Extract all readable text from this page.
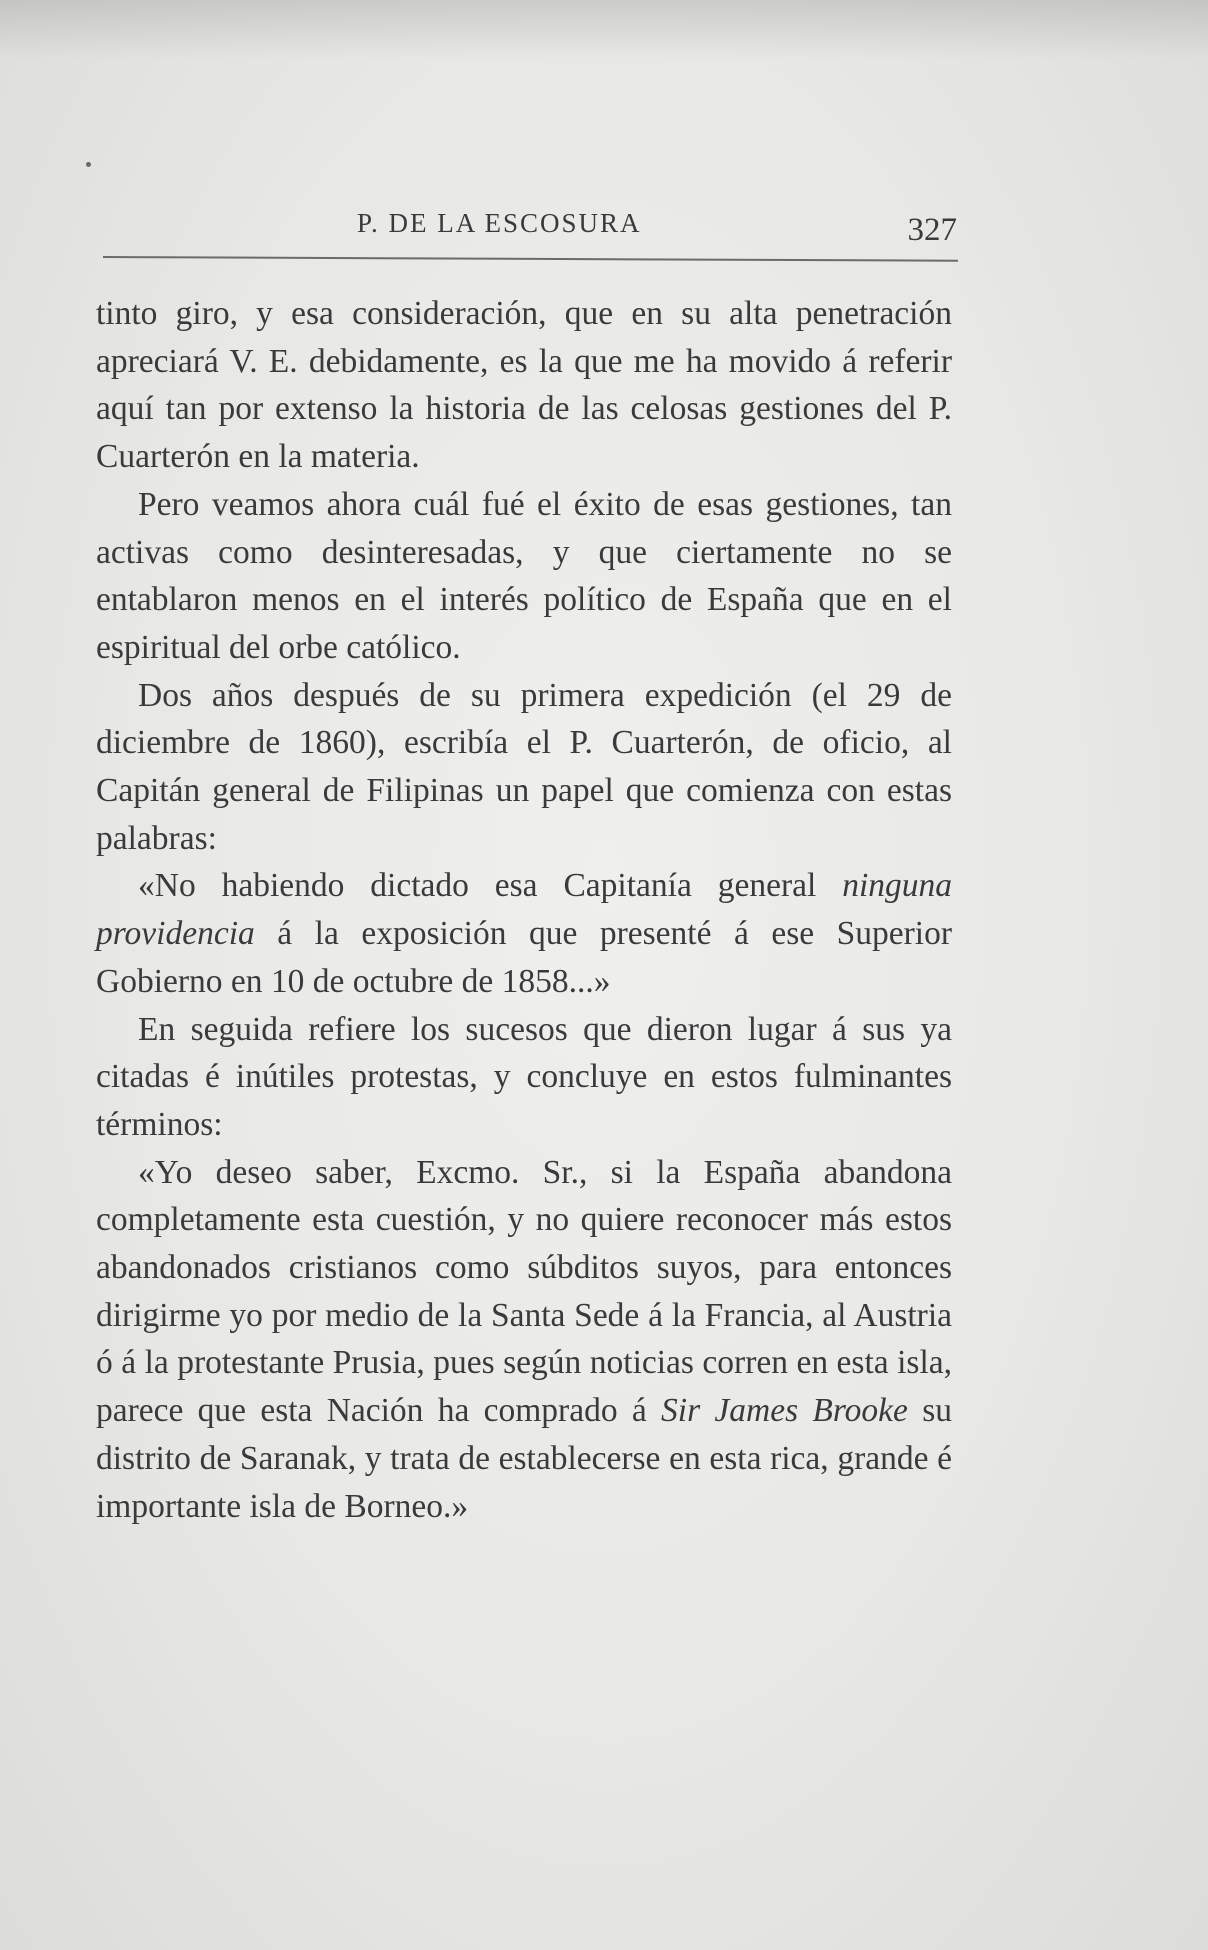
P. DE LA ESCOSURA	327

tinto giro, y esa consideración, que en su alta penetración apreciará V. E. debidamente, es la que me ha movido á referir aquí tan por extenso la historia de las celosas gestiones del P. Cuarterón en la materia.

Pero veamos ahora cuál fué el éxito de esas gestiones, tan activas como desinteresadas, y que ciertamente no se entablaron menos en el interés político de España que en el espiritual del orbe católico.

Dos años después de su primera expedición (el 29 de diciembre de 1860), escribía el P. Cuarterón, de oficio, al Capitán general de Filipinas un papel que comienza con estas palabras:

«No habiendo dictado esa Capitanía general ninguna providencia á la exposición que presenté á ese Superior Gobierno en 10 de octubre de 1858...»

En seguida refiere los sucesos que dieron lugar á sus ya citadas é inútiles protestas, y concluye en estos fulminantes términos:

«Yo deseo saber, Excmo. Sr., si la España abandona completamente esta cuestión, y no quiere reconocer más estos abandonados cristianos como súbditos suyos, para entonces dirigirme yo por medio de la Santa Sede á la Francia, al Austria ó á la protestante Prusia, pues según noticias corren en esta isla, parece que esta Nación ha comprado á Sir James Brooke su distrito de Saranak, y trata de establecerse en esta rica, grande é importante isla de Borneo.»
